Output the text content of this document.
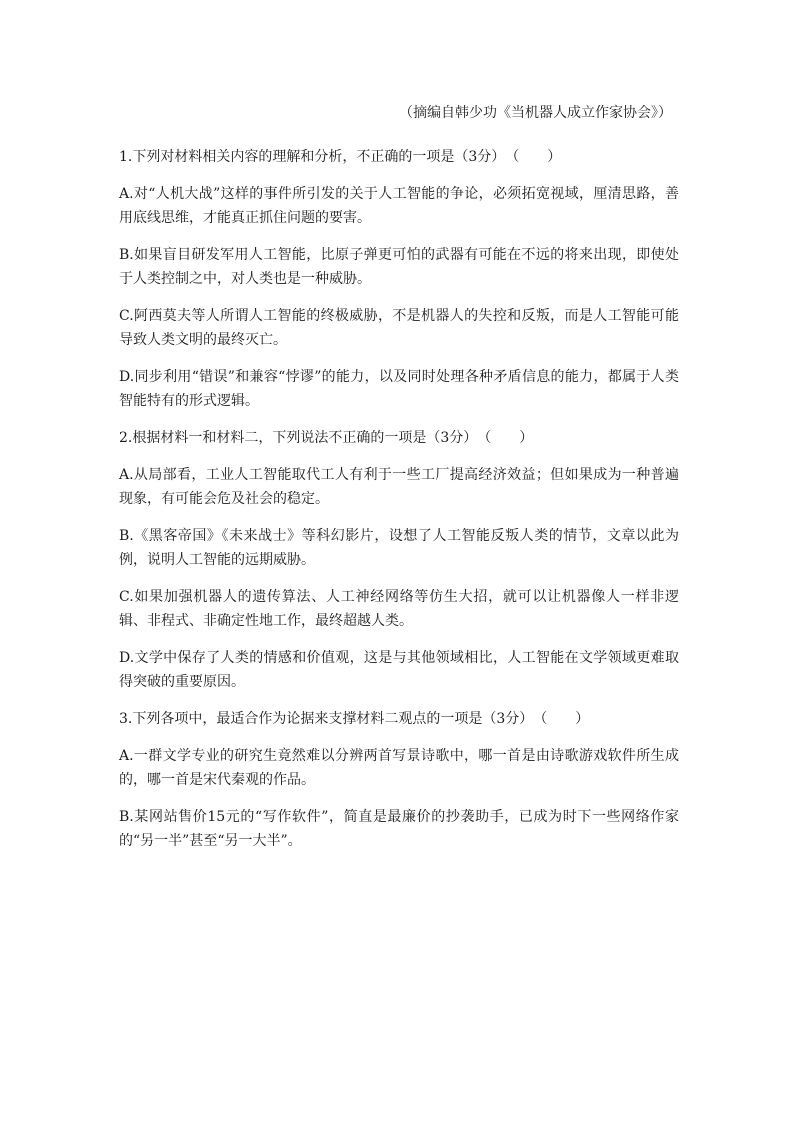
（摘编自韩少功《当机器人成立作家协会》）
1.下列对材料相关内容的理解和分析，不正确的一项是（3分）　（　　）

A.对“人机大战”这样的事件所引发的关于人工智能的争论，必须拓宽视域，厘清思路，善用底线思维，才能真正抓住问题的要害。

B.如果盲目研发军用人工智能，比原子弹更可怕的武器有可能在不远的将来出现，即使处于人类控制之中，对人类也是一种威胁。

C.阿西莫夫等人所谓人工智能的终极威胁，不是机器人的失控和反叛，而是人工智能可能导致人类文明的最终灭亡。

D.同步利用“错误”和兼容“悖谬”的能力，以及同时处理各种矛盾信息的能力，都属于人类智能特有的形式逻辑。

2.根据材料一和材料二，下列说法不正确的一项是（3分）　（　　）

A.从局部看，工业人工智能取代工人有利于一些工厂提高经济效益；但如果成为一种普遍现象，有可能会危及社会的稳定。

B.《黑客帝国》《未来战士》等科幻影片，设想了人工智能反叛人类的情节，文章以此为例，说明人工智能的远期威胁。

C.如果加强机器人的遗传算法、人工神经网络等仿生大招，就可以让机器像人一样非逻辑、非程式、非确定性地工作，最终超越人类。

D.文学中保存了人类的情感和价值观，这是与其他领域相比，人工智能在文学领域更难取得突破的重要原因。

3.下列各项中，最适合作为论据来支撑材料二观点的一项是（3分）　（　　）

A.一群文学专业的研究生竟然难以分辨两首写景诗歌中，哪一首是由诗歌游戏软件所生成的，哪一首是宋代秦观的作品。

B.某网站售价15元的“写作软件”，简直是最廉价的抄袭助手，已成为时下一些网络作家的“另一半”甚至“另一大半”。
